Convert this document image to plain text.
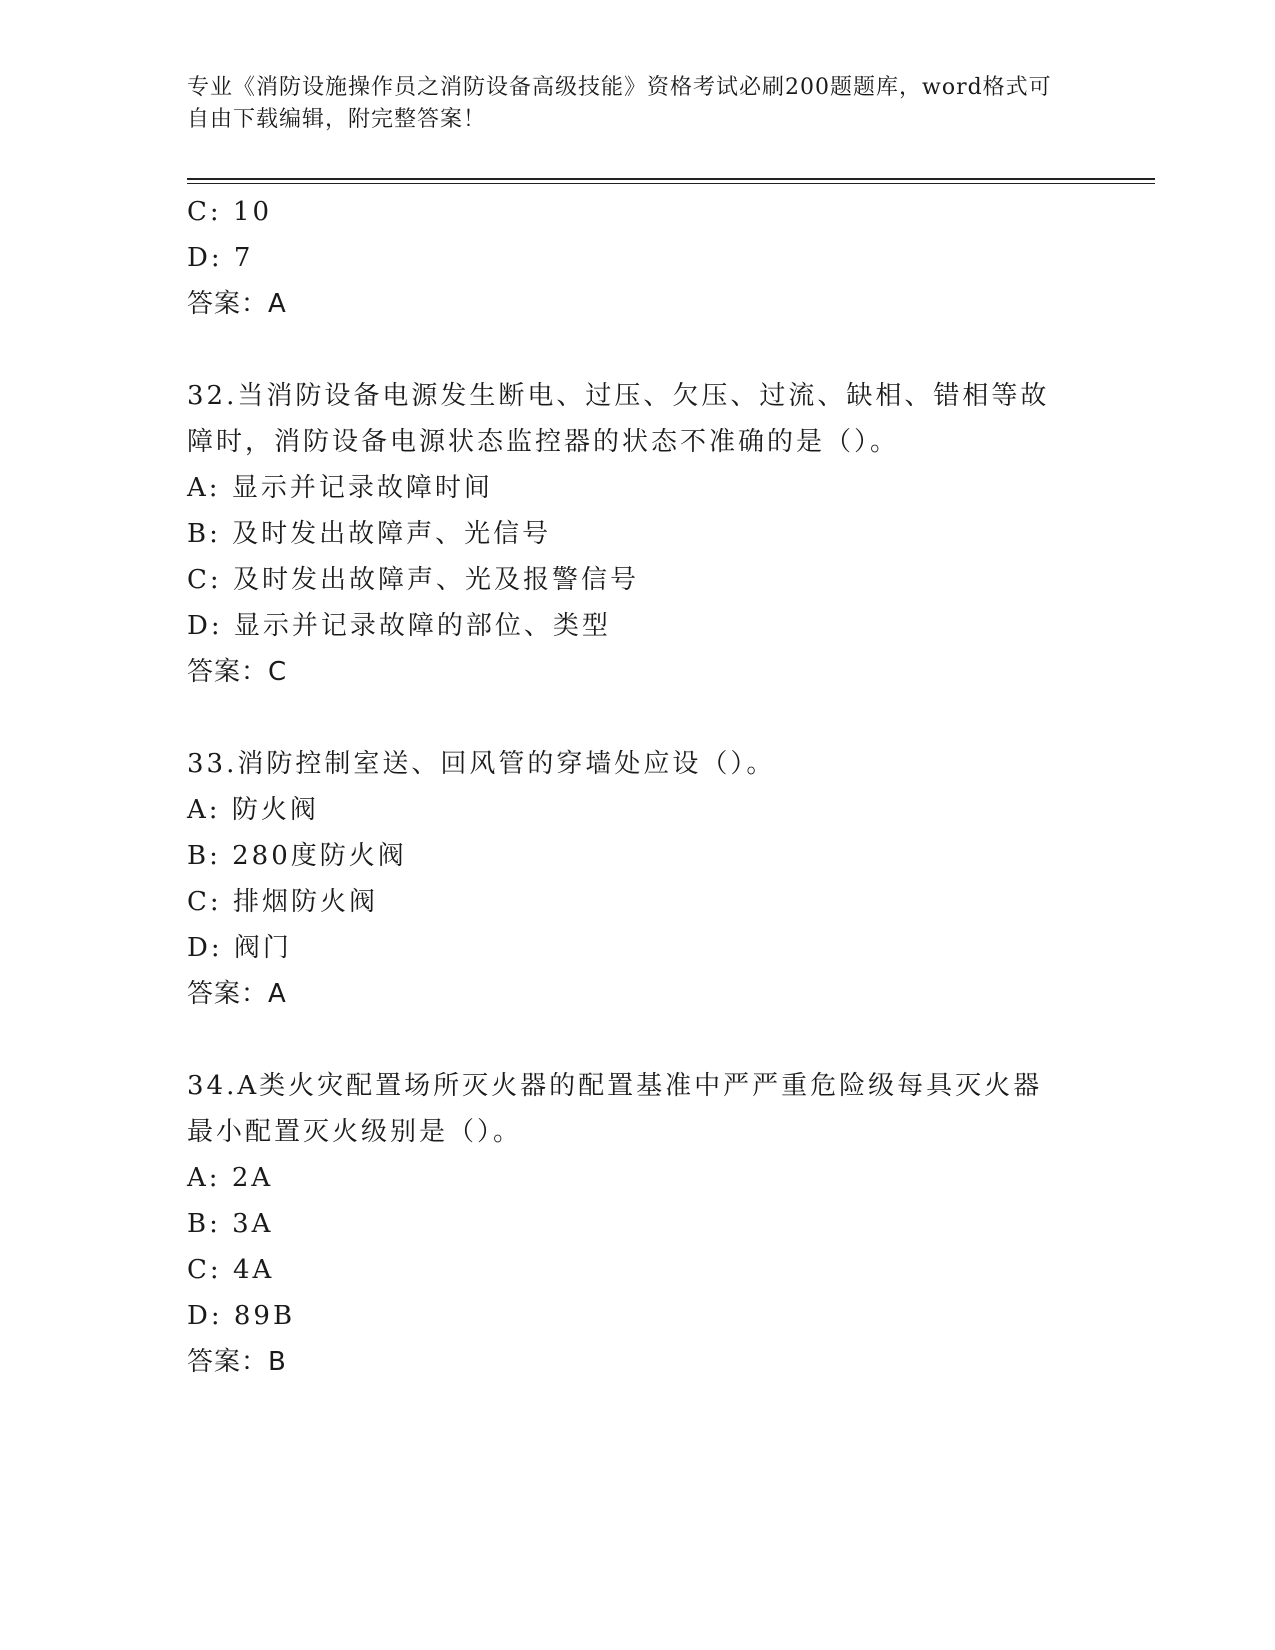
专业《消防设施操作员之消防设备高级技能》资格考试必刷200题题库，word格式可自由下载编辑，附完整答案！
C: 10
D: 7
答案：A
32.当消防设备电源发生断电、过压、欠压、过流、缺相、错相等故障时，消防设备电源状态监控器的状态不准确的是（）。
A: 显示并记录故障时间
B: 及时发出故障声、光信号
C: 及时发出故障声、光及报警信号
D: 显示并记录故障的部位、类型
答案：C
33.消防控制室送、回风管的穿墙处应设（）。
A: 防火阀
B: 280度防火阀
C: 排烟防火阀
D: 阀门
答案：A
34.A类火灾配置场所灭火器的配置基准中严严重危险级每具灭火器最小配置灭火级别是（）。
A: 2A
B: 3A
C: 4A
D: 89B
答案：B
